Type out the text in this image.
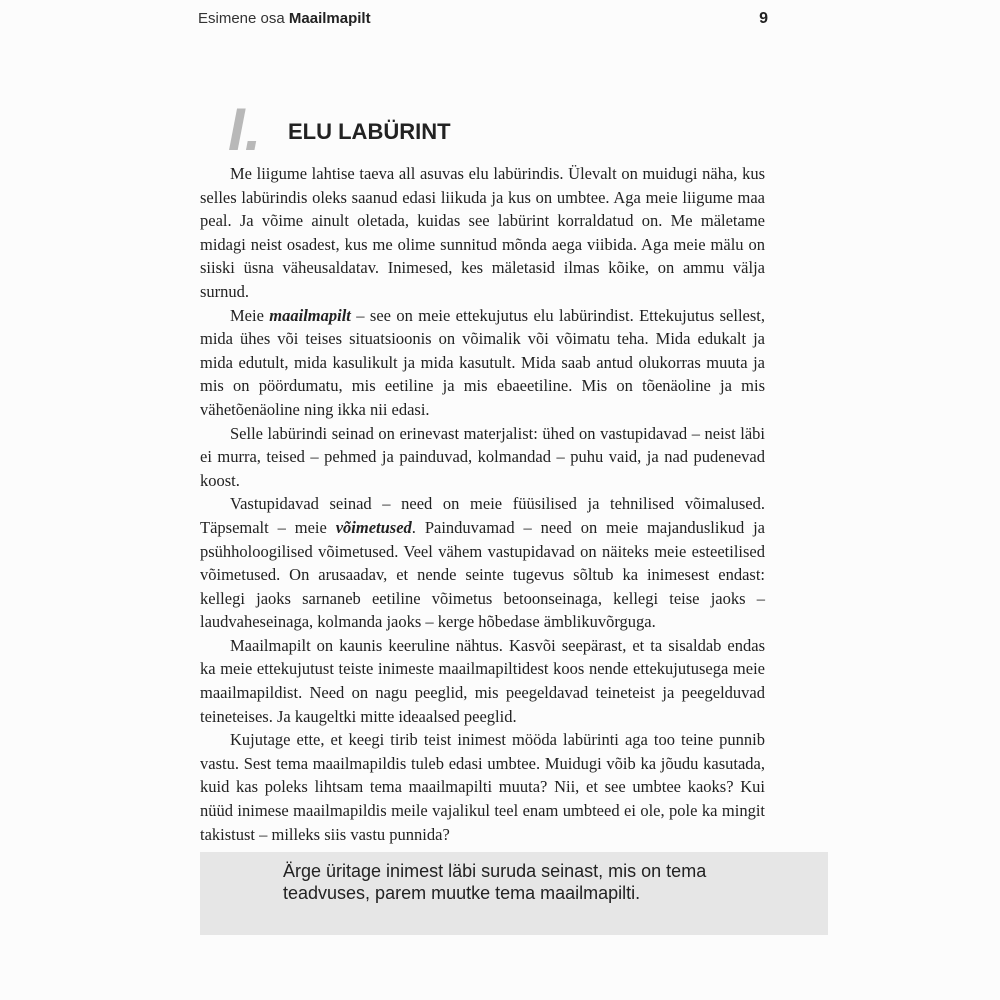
Esimene osa Maailmapilt	9
I. ELU LABÜRINT

Me liigume lahtise taeva all asuvas elu labürindis. Ülevalt on muidugi näha, kus selles labürindis oleks saanud edasi liikuda ja kus on umbtee. Aga meie liigume maa peal. Ja võime ainult oletada, kuidas see labürint korraldatud on. Me mäletame midagi neist osadest, kus me olime sunnitud mõnda aega viibida. Aga meie mälu on siiski üsna väheusaldatav. Inimesed, kes mäletasid ilmas kõike, on ammu välja surnud.

Meie maailmapilt – see on meie ettekujutus elu labürindist. Ettekujutus sellest, mida ühes või teises situatsioonis on võimalik või võimatu teha. Mida edukalt ja mida edutult, mida kasulikult ja mida kasutult. Mida saab antud olukorras muuta ja mis on pöördumatu, mis eetiline ja mis ebaeetiline. Mis on tõenäoline ja mis vähetõenäoline ning ikka nii edasi.

Selle labürindi seinad on erinevast materjalist: ühed on vastupidavad – neist läbi ei murra, teised – pehmed ja painduvad, kolmandad – puhu vaid, ja nad pudenevad koost.

Vastupidavad seinad – need on meie füüsilised ja tehnilised võimalused. Täpsemalt – meie võimetused. Painduvamad – need on meie majanduslikud ja psühholoogilised võimetused. Veel vähem vastupidavad on näiteks meie esteetilised võimetused. On arusaadav, et nende seinte tugevus sõltub ka inimesest endast: kellegi jaoks sarnaneb eetiline võimetus betoonseinaga, kellegi teise jaoks – laudvaheseinaga, kolmanda jaoks – kerge hõbedase ämblikuvõrguga.

Maailmapilt on kaunis keeruline nähtus. Kasvõi seepärast, et ta sisaldab endas ka meie ettekujutust teiste inimeste maailmapiltidest koos nende ettekujutusega meie maailmapildist. Need on nagu peeglid, mis peegeldavad teineteist ja peegelduvad teineteises. Ja kaugeltki mitte ideaalsed peeglid.

Kujutage ette, et keegi tirib teist inimest mööda labürinti aga too teine punnib vastu. Sest tema maailmapildis tuleb edasi umbtee. Muidugi võib ka jõudu kasutada, kuid kas poleks lihtsam tema maailmapilti muuta? Nii, et see umbtee kaoks? Kui nüüd inimese maailmapildis meile vajalikul teel enam umbteed ei ole, pole ka mingit takistust – milleks siis vastu punnida?

Ärge üritage inimest läbi suruda seinast, mis on tema teadvuses, parem muutke tema maailmapilti.
